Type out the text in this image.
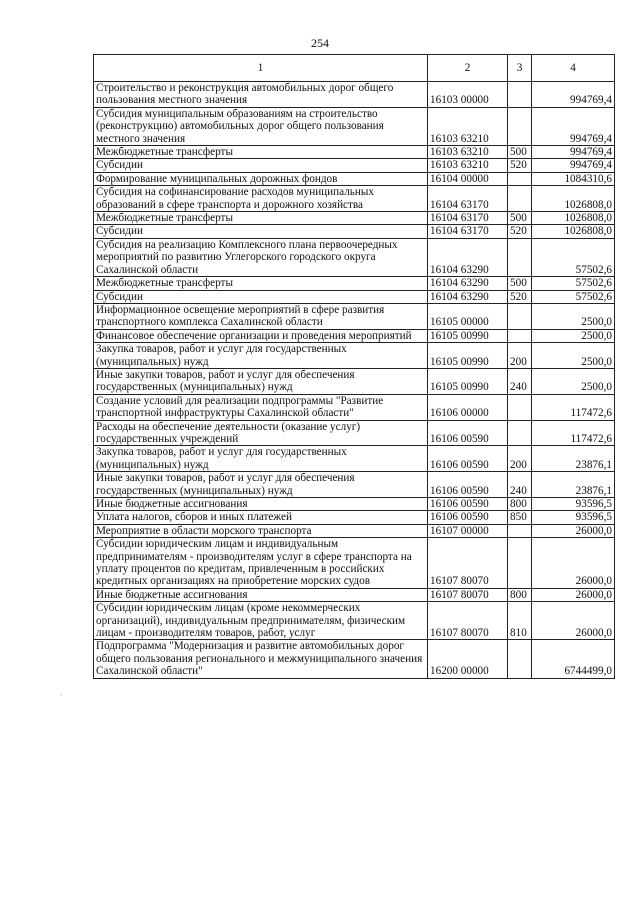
254
1	2	3	4
Строительство и реконструкция автомобильных дорог общего пользования местного значения	16103 00000		994769,4
Субсидия муниципальным образованиям на строительство (реконструкцию) автомобильных дорог общего пользования местного значения	16103 63210		994769,4
Межбюджетные трансферты	16103 63210	500	994769,4
Субсидии	16103 63210	520	994769,4
Формирование муниципальных дорожных фондов	16104 00000		1084310,6
Субсидия на софинансирование расходов муниципальных образований в сфере транспорта и дорожного хозяйства	16104 63170		1026808,0
Межбюджетные трансферты	16104 63170	500	1026808,0
Субсидии	16104 63170	520	1026808,0
Субсидия на реализацию Комплексного плана первоочередных мероприятий по развитию Углегорского городского округа Сахалинской области	16104 63290		57502,6
Межбюджетные трансферты	16104 63290	500	57502,6
Субсидии	16104 63290	520	57502,6
Информационное освещение мероприятий в сфере развития транспортного комплекса Сахалинской области	16105 00000		2500,0
Финансовое обеспечение организации и проведения мероприятий	16105 00990		2500,0
Закупка товаров, работ и услуг для государственных (муниципальных) нужд	16105 00990	200	2500,0
Иные закупки товаров, работ и услуг для обеспечения государственных (муниципальных) нужд	16105 00990	240	2500,0
Создание условий для реализации подпрограммы "Развитие транспортной инфраструктуры Сахалинской области"	16106 00000		117472,6
Расходы на обеспечение деятельности (оказание услуг) государственных учреждений	16106 00590		117472,6
Закупка товаров, работ и услуг для государственных (муниципальных) нужд	16106 00590	200	23876,1
Иные закупки товаров, работ и услуг для обеспечения государственных (муниципальных) нужд	16106 00590	240	23876,1
Иные бюджетные ассигнования	16106 00590	800	93596,5
Уплата налогов, сборов и иных платежей	16106 00590	850	93596,5
Мероприятие в области морского транспорта	16107 00000		26000,0
Субсидии юридическим лицам и индивидуальным предпринимателям - производителям услуг в сфере транспорта на уплату процентов по кредитам, привлеченным в российских кредитных организациях на приобретение морских судов	16107 80070		26000,0
Иные бюджетные ассигнования	16107 80070	800	26000,0
Субсидии юридическим лицам (кроме некоммерческих организаций), индивидуальным предпринимателям, физическим лицам - производителям товаров, работ, услуг	16107 80070	810	26000,0
Подпрограмма "Модернизация и развитие автомобильных дорог общего пользования регионального и межмуниципального значения Сахалинской области"	16200 00000		6744499,0
·
